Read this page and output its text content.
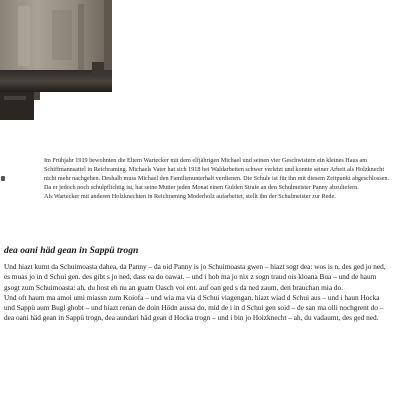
Im Frühjahr 1919 bewohnten die Eltern Wartecker mit dem elfjährigen Michael und seinen vier Geschwistern ein kleines Haus am Schiffmannsattel in Reichraming. Michaels Vater hat sich 1918 bei Waldarbeiten schwer verletzt und konnte seiner Arbeit als Holzknecht nicht mehr nachgehen. Deshalb muss Michael den Familienunterhalt verdienen. Die Schule ist für ihn mit diesem Zeitpunkt abgeschlossen. Da er jedoch noch schulpflichtig ist, hat seine Mutter jeden Monat einen Gulden Strafe an den Schulmeister Panny abzuliefern.

Als Wartecker mit anderen Holzknechten in Reichraming Moderholz aufarbeitet, stellt ihn der Schulmeister zur Rede.

dea oani häd gean in Sappü trogn

Und hiazt kumt da Schuimoasta dahea, da Panny – da oid Panny is jo Schuimoasta gwen – hiazt sogt dea: wos is n, des ged jo ned, es muas jo in d Schui gen. des gibt s jo ned, dass ea do oawat. – und i hob ma jo nix z sogn traud ois kloana Bua – und de haum gsogt zum Schuimoasta: ah, du host eh nu an guatn Oasch voi ent. auf oan ged s da ned zaum, den brauchan mia do.

Und oft haum ma amoi umi miassn zum Koiofa – und wia ma via d Schui viagengan, hiazt wiad d Schui aus – und i haun Hocka und Sappü aum Bugl ghobt – und hiazt renan de doin Hödn aussa do, mid de i in d Schui gen soid – de san ma olli nochgrent do – dea oani häd gean in Sappü trogn, dea aundari häd gean d Hocka trogn – und i bin jo Hoizknecht – ah, du vadaumt, des ged ned.
